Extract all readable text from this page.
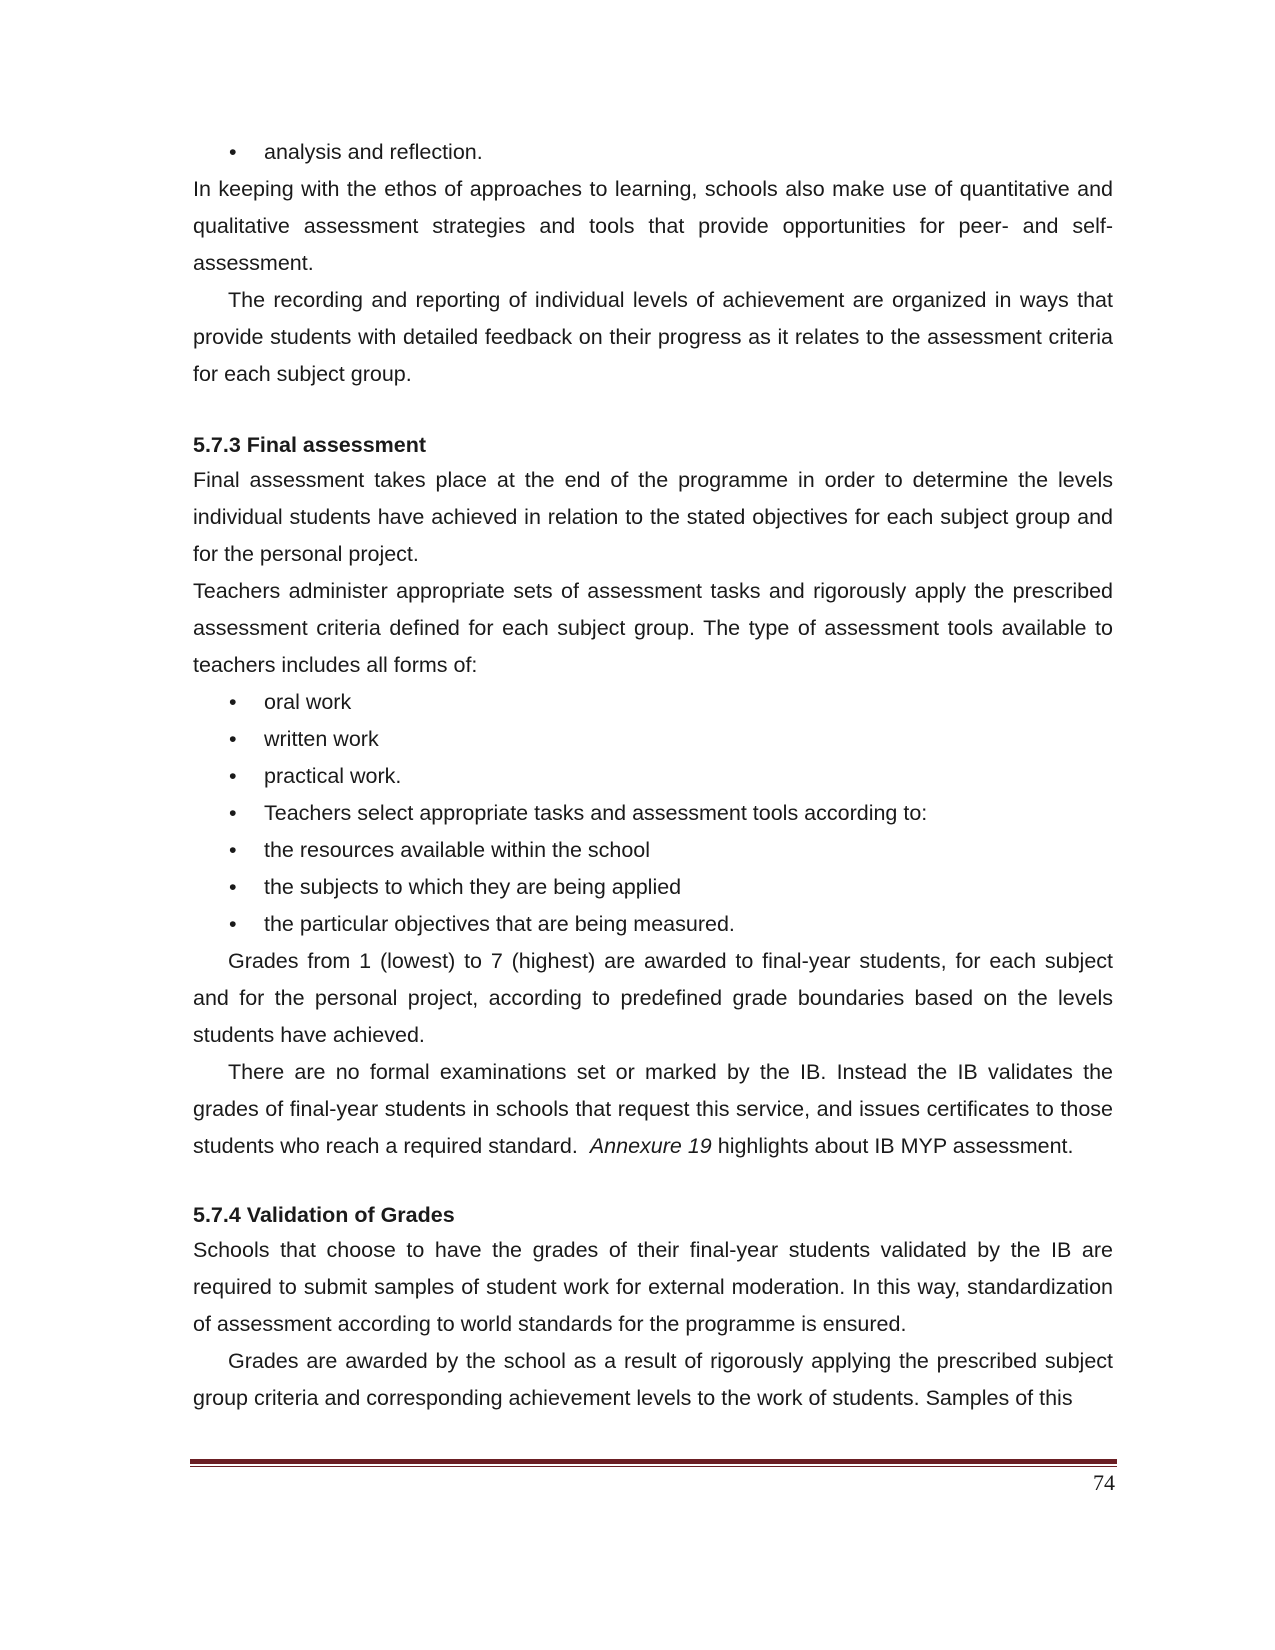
• analysis and reflection.

In keeping with the ethos of approaches to learning, schools also make use of quantitative and qualitative assessment strategies and tools that provide opportunities for peer- and self-assessment.

The recording and reporting of individual levels of achievement are organized in ways that provide students with detailed feedback on their progress as it relates to the assessment criteria for each subject group.

5.7.3 Final assessment

Final assessment takes place at the end of the programme in order to determine the levels individual students have achieved in relation to the stated objectives for each subject group and for the personal project.

Teachers administer appropriate sets of assessment tasks and rigorously apply the prescribed assessment criteria defined for each subject group. The type of assessment tools available to teachers includes all forms of:

• oral work
• written work
• practical work.
• Teachers select appropriate tasks and assessment tools according to:
• the resources available within the school
• the subjects to which they are being applied
• the particular objectives that are being measured.

Grades from 1 (lowest) to 7 (highest) are awarded to final-year students, for each subject and for the personal project, according to predefined grade boundaries based on the levels students have achieved.

There are no formal examinations set or marked by the IB. Instead the IB validates the grades of final-year students in schools that request this service, and issues certificates to those students who reach a required standard. Annexure 19 highlights about IB MYP assessment.

5.7.4 Validation of Grades

Schools that choose to have the grades of their final-year students validated by the IB are required to submit samples of student work for external moderation. In this way, standardization of assessment according to world standards for the programme is ensured.

Grades are awarded by the school as a result of rigorously applying the prescribed subject group criteria and corresponding achievement levels to the work of students. Samples of this

74
